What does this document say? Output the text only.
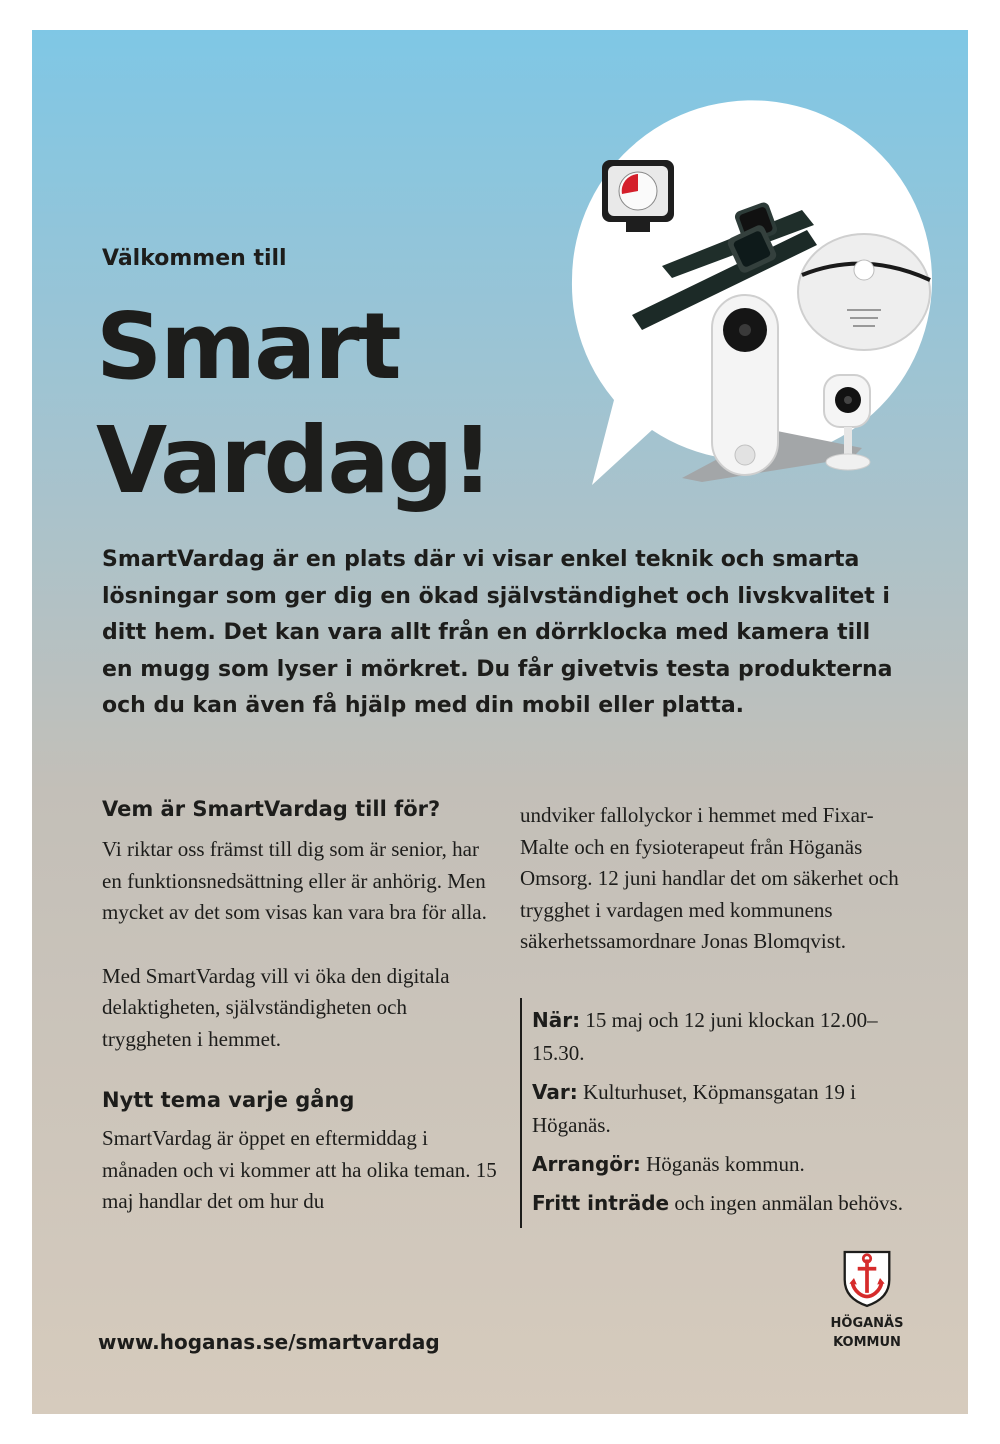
Välkommen till
Smart
Vardag!

SmartVardag är en plats där vi visar enkel teknik och smarta lösningar som ger dig en ökad självständighet och livskvalitet i ditt hem. Det kan vara allt från en dörrklocka med kamera till en mugg som lyser i mörkret. Du får givetvis testa produkterna och du kan även få hjälp med din mobil eller platta.

Vem är SmartVardag till för?

Vi riktar oss främst till dig som är senior, har en funktionsnedsättning eller är anhörig. Men mycket av det som visas kan vara bra för alla.

Med SmartVardag vill vi öka den digitala delaktigheten, självständigheten och tryggheten i hemmet.

Nytt tema varje gång

SmartVardag är öppet en eftermiddag i månaden och vi kommer att ha olika teman. 15 maj handlar det om hur du

undviker fallolyckor i hemmet med Fixar-Malte och en fysioterapeut från Höganäs Omsorg. 12 juni handlar det om säkerhet och trygghet i vardagen med kommunens säkerhetssamordnare Jonas Blomqvist.

När: 15 maj och 12 juni klockan 12.00–15.30.
Var: Kulturhuset, Köpmansgatan 19 i Höganäs.
Arrangör: Höganäs kommun.
Fritt inträde och ingen anmälan behövs.
www.hoganas.se/smartvardag
HÖGANÄS
KOMMUN
